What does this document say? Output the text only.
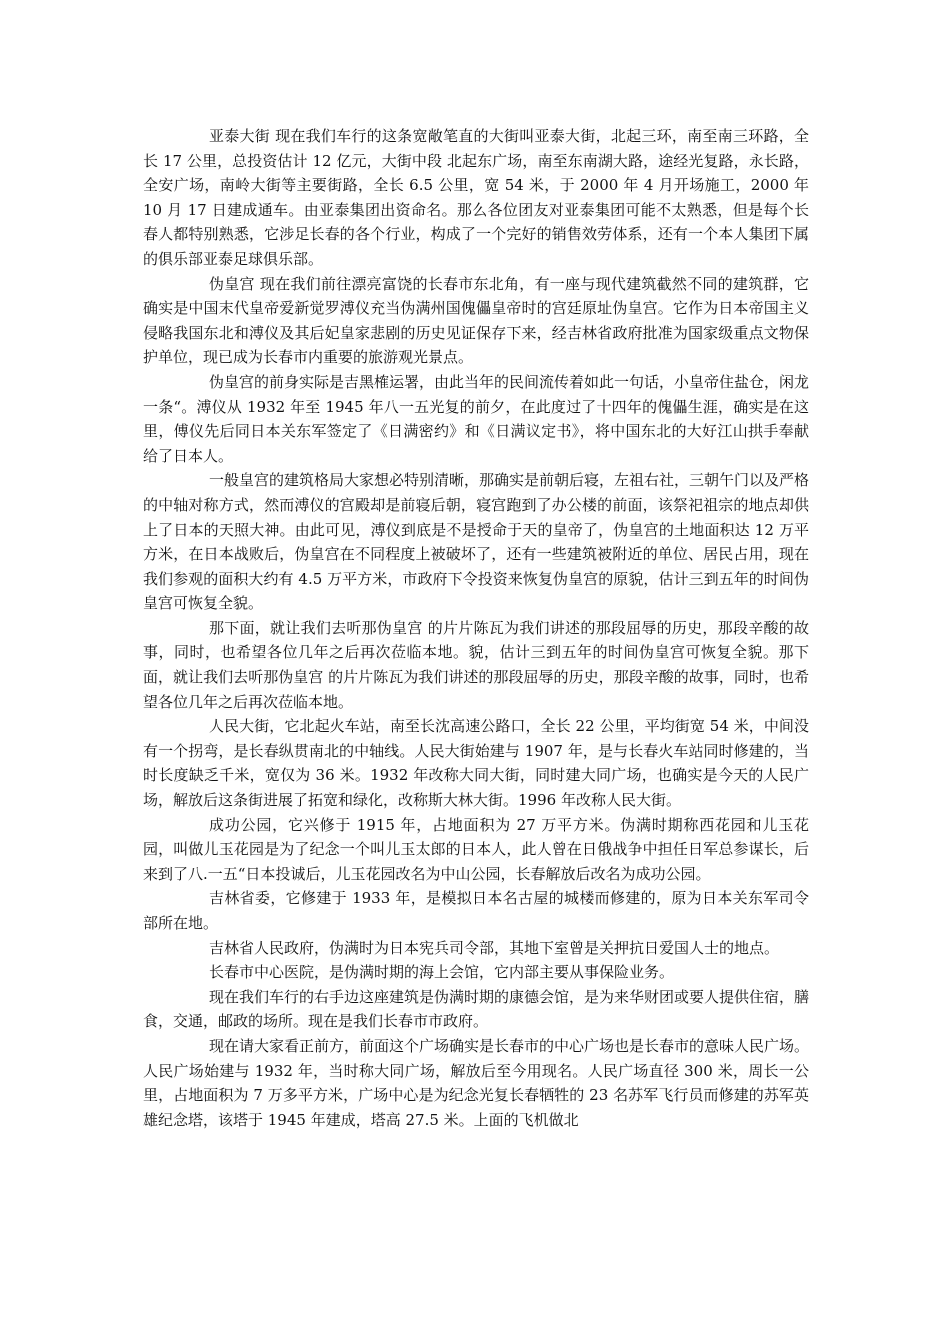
亚泰大街 现在我们车行的这条宽敞笔直的大街叫亚泰大街，北起三环，南至南三环路，全长 17 公里，总投资估计 12 亿元，大街中段 北起东广场，南至东南湖大路，途经光复路，永长路，全安广场，南岭大街等主要街路，全长 6.5 公里，宽 54 米，于 2000 年 4 月开场施工，2000 年 10 月 17 日建成通车。由亚泰集团出资命名。那么各位团友对亚泰集团可能不太熟悉，但是每个长春人都特别熟悉，它涉足长春的各个行业，构成了一个完好的销售效劳体系，还有一个本人集团下属的俱乐部亚泰足球俱乐部。

伪皇宫 现在我们前往漂亮富饶的长春市东北角，有一座与现代建筑截然不同的建筑群，它确实是中国末代皇帝爱新觉罗溥仪充当伪满州国傀儡皇帝时的宫廷原址伪皇宫。它作为日本帝国主义侵略我国东北和溥仪及其后妃皇家悲剧的历史见证保存下来，经吉林省政府批准为国家级重点文物保护单位，现已成为长春市内重要的旅游观光景点。

伪皇宫的前身实际是吉黑榷运署，由此当年的民间流传着如此一句话，小皇帝住盐仓，闲龙一条“。溥仪从 1932 年至 1945 年八一五光复的前夕，在此度过了十四年的傀儡生涯，确实是在这里，傅仪先后同日本关东军签定了《日满密约》和《日满议定书》，将中国东北的大好江山拱手奉献给了日本人。

一般皇宫的建筑格局大家想必特别清晰，那确实是前朝后寝，左祖右社，三朝午门以及严格的中轴对称方式，然而溥仪的宫殿却是前寝后朝，寝宫跑到了办公楼的前面，该祭祀祖宗的地点却供上了日本的天照大神。由此可见，溥仪到底是不是授命于天的皇帝了，伪皇宫的土地面积达 12 万平方米，在日本战败后，伪皇宫在不同程度上被破坏了，还有一些建筑被附近的单位、居民占用，现在我们参观的面积大约有 4.5 万平方米，市政府下令投资来恢复伪皇宫的原貌，估计三到五年的时间伪皇宫可恢复全貌。

那下面，就让我们去听那伪皇宫 的片片陈瓦为我们讲述的那段屈辱的历史，那段辛酸的故事，同时，也希望各位几年之后再次莅临本地。貌，估计三到五年的时间伪皇宫可恢复全貌。那下面，就让我们去听那伪皇宫 的片片陈瓦为我们讲述的那段屈辱的历史，那段辛酸的故事，同时，也希望各位几年之后再次莅临本地。

人民大街，它北起火车站，南至长沈高速公路口，全长 22 公里，平均街宽 54 米，中间没有一个拐弯，是长春纵贯南北的中轴线。人民大街始建与 1907 年，是与长春火车站同时修建的，当时长度缺乏千米，宽仅为 36 米。1932 年改称大同大街，同时建大同广场，也确实是今天的人民广场，解放后这条街进展了拓宽和绿化，改称斯大林大街。1996 年改称人民大街。

成功公园，它兴修于 1915 年，占地面积为 27 万平方米。伪满时期称西花园和儿玉花园，叫做儿玉花园是为了纪念一个叫儿玉太郎的日本人，此人曾在日俄战争中担任日军总参谋长，后来到了八.一五“日本投诚后，儿玉花园改名为中山公园，长春解放后改名为成功公园。

吉林省委，它修建于 1933 年，是模拟日本名古屋的城楼而修建的，原为日本关东军司令部所在地。

吉林省人民政府，伪满时为日本宪兵司令部，其地下室曾是关押抗日爱国人士的地点。

长春市中心医院，是伪满时期的海上会馆，它内部主要从事保险业务。

现在我们车行的右手边这座建筑是伪满时期的康德会馆，是为来华财团或要人提供住宿，膳食，交通，邮政的场所。现在是我们长春市市政府。

现在请大家看正前方，前面这个广场确实是长春市的中心广场也是长春市的意味人民广场。人民广场始建与 1932 年，当时称大同广场，解放后至今用现名。人民广场直径 300 米，周长一公里，占地面积为 7 万多平方米，广场中心是为纪念光复长春牺牲的 23 名苏军飞行员而修建的苏军英雄纪念塔，该塔于 1945 年建成，塔高 27.5 米。上面的飞机做北
